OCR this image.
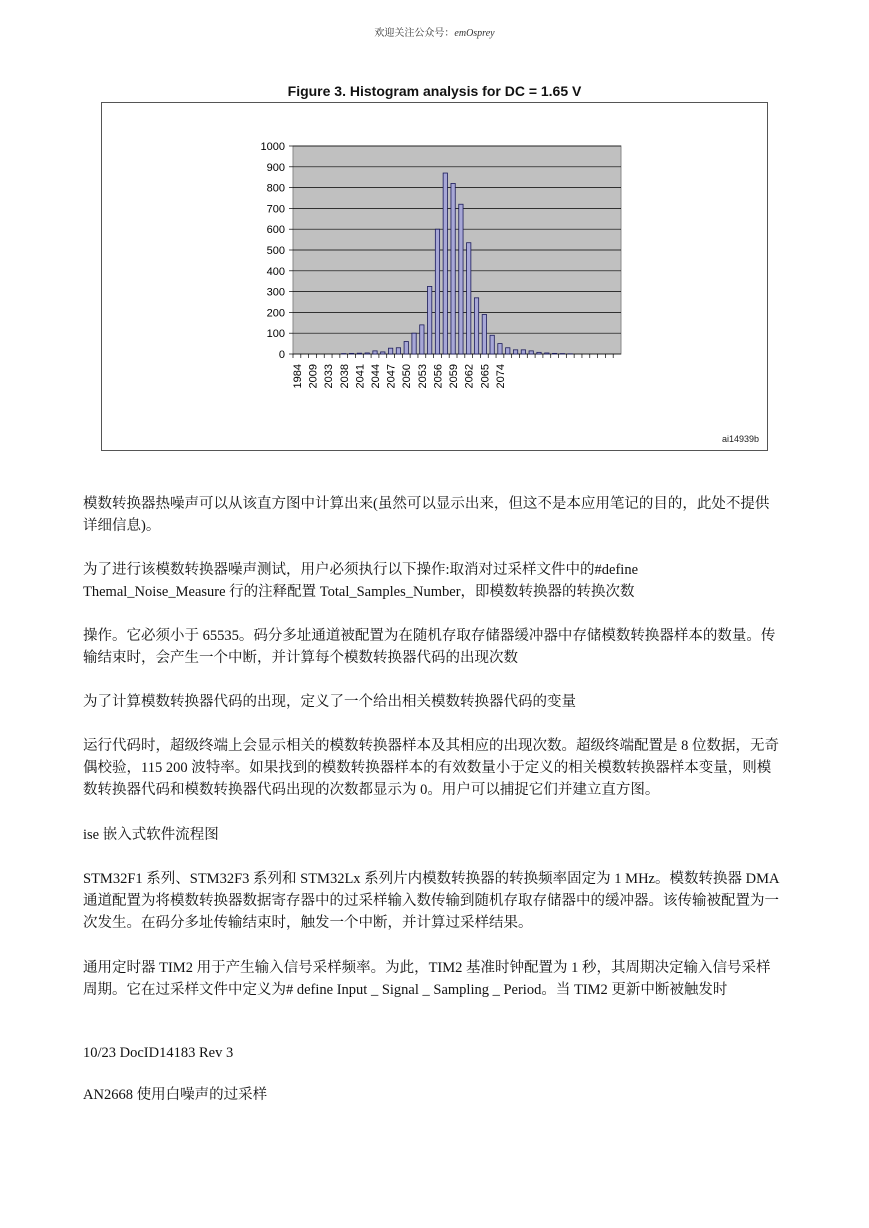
欢迎关注公众号：emOsprey
Figure 3. Histogram analysis for DC = 1.65 V
0
100
200
300
400
500
600
700
800
900
1000
1984 2009 2033 2038 2041 2044 2047 2050 2053 2056 2059 2062 2065 2074
ai14939b

模数转换器热噪声可以从该直方图中计算出来(虽然可以显示出来，但这不是本应用笔记的目的，此处不提供详细信息)。

为了进行该模数转换器噪声测试，用户必须执行以下操作:取消对过采样文件中的#define Themal_Noise_Measure 行的注释配置 Total_Samples_Number，即模数转换器的转换次数

操作。它必须小于 65535。码分多址通道被配置为在随机存取存储器缓冲器中存储模数转换器样本的数量。传输结束时，会产生一个中断，并计算每个模数转换器代码的出现次数

为了计算模数转换器代码的出现，定义了一个给出相关模数转换器代码的变量

运行代码时，超级终端上会显示相关的模数转换器样本及其相应的出现次数。超级终端配置是 8 位数据，无奇偶校验，115 200 波特率。如果找到的模数转换器样本的有效数量小于定义的相关模数转换器样本变量，则模数转换器代码和模数转换器代码出现的次数都显示为 0。用户可以捕捉它们并建立直方图。

ise 嵌入式软件流程图

STM32F1 系列、STM32F3 系列和 STM32Lx 系列片内模数转换器的转换频率固定为 1 MHz。模数转换器 DMA 通道配置为将模数转换器数据寄存器中的过采样输入数传输到随机存取存储器中的缓冲器。该传输被配置为一次发生。在码分多址传输结束时，触发一个中断，并计算过采样结果。

通用定时器 TIM2 用于产生输入信号采样频率。为此，TIM2 基准时钟配置为 1 秒，其周期决定输入信号采样周期。它在过采样文件中定义为# define Input _ Signal _ Sampling _ Period。当 TIM2 更新中断被触发时

10/23 DocID14183 Rev 3

AN2668 使用白噪声的过采样
